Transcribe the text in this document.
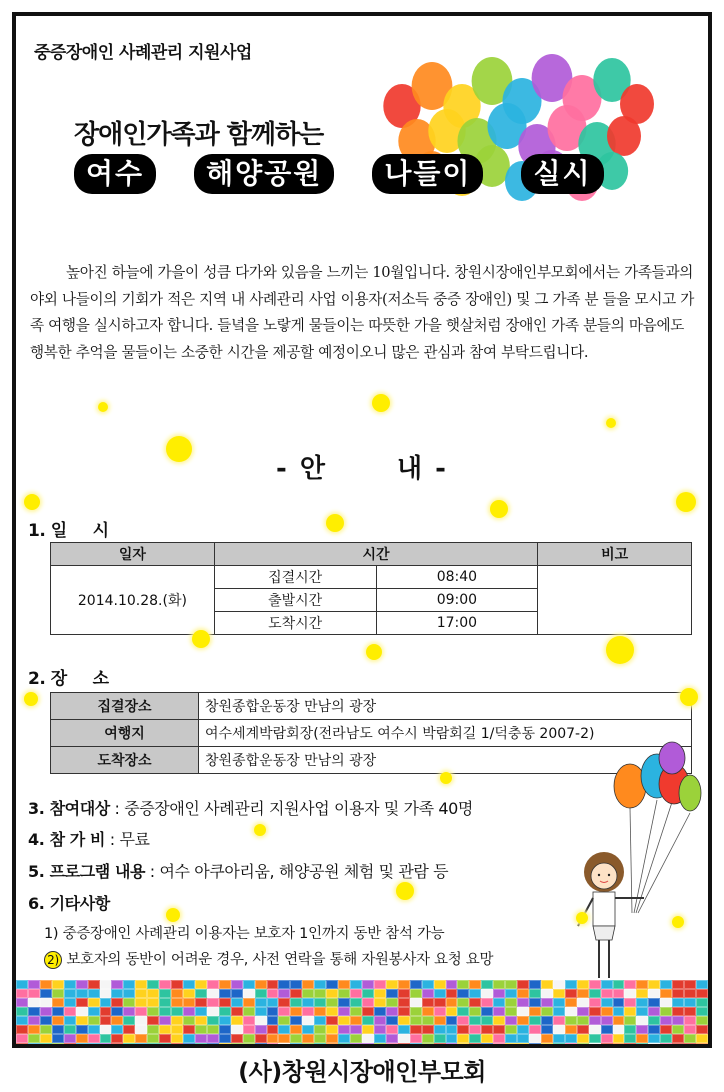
중증장애인 사례관리 지원사업
장애인가족과 함께하는
여수	해양공원	나들이	실시

높아진 하늘에 가을이 성큼 다가와 있음을 느끼는 10월입니다. 창원시장애인부모회에서는 가족들과의 야외 나들이의 기회가 적은 지역 내 사례관리 사업 이용자(저소득 중증 장애인) 및 그 가족 분 들을 모시고 가족 여행을 실시하고자 합니다. 들녘을 노랗게 물들이는 따뜻한 가을 햇살처럼 장애인 가족 분들의 마음에도 행복한 추억을 물들이는 소중한 시간을 제공할 예정이오니 많은 관심과 참여 부탁드립니다.

- 안	내 -
1. 일 시
일자	시간		비고
2014.10.28.(화)	집결시간	08:40	
	출발시간	09:00	
	도착시간	17:00	
2. 장 소
집결장소	창원종합운동장 만남의 광장
여행지	여수세계박람회장(전라남도 여수시 박람회길 1/덕충동 2007-2)
도착장소	창원종합운동장 만남의 광장
3. 참여대상 : 중증장애인 사례관리 지원사업 이용자 및 가족 40명
4. 참 가 비 : 무료
5. 프로그램 내용 : 여수 아쿠아리움, 해양공원 체험 및 관람 등
6. 기타사항
1) 중증장애인 사례관리 이용자는 보호자 1인까지 동반 참석 가능
2) 보호자의 동반이 어려운 경우, 사전 연락을 통해 자원봉사자 요청 요망
(사)창원시장애인부모회
